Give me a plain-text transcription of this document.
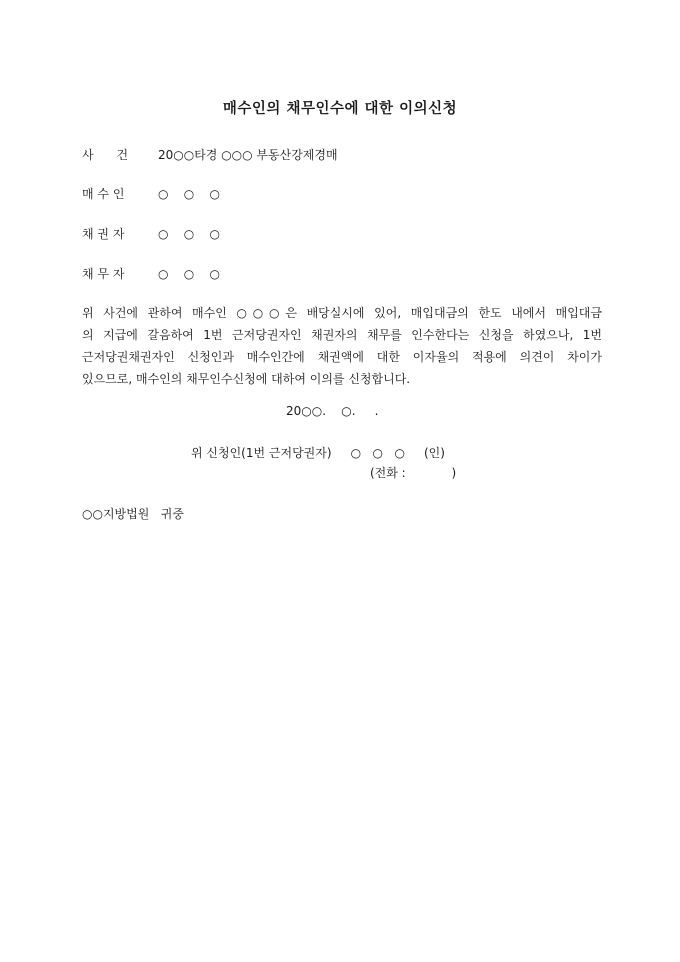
매수인의 채무인수에 대한 이의신청
사      건	20○○타경 ○○○ 부동산강제경매
매 수 인	○    ○    ○
채 권 자	○    ○    ○
채 무 자	○    ○    ○
위 사건에 관하여 매수인 ○○○은 배당실시에 있어, 매입대금의 한도 내에서 매입대금
의 지급에 갈음하여 1번 근저당권자인 채권자의 채무를 인수한다는 신청을 하였으나, 1번
근저당권채권자인 신청인과 매수인간에 채권액에 대한 이자율의 적용에 의견이 차이가
있으므로, 매수인의 채무인수신청에 대하여 이의를 신청합니다.
20○○.    ○.     .
위 신청인(1번 근저당권자)     ○   ○   ○     (인)
(전화 :            )
○○지방법원   귀중
